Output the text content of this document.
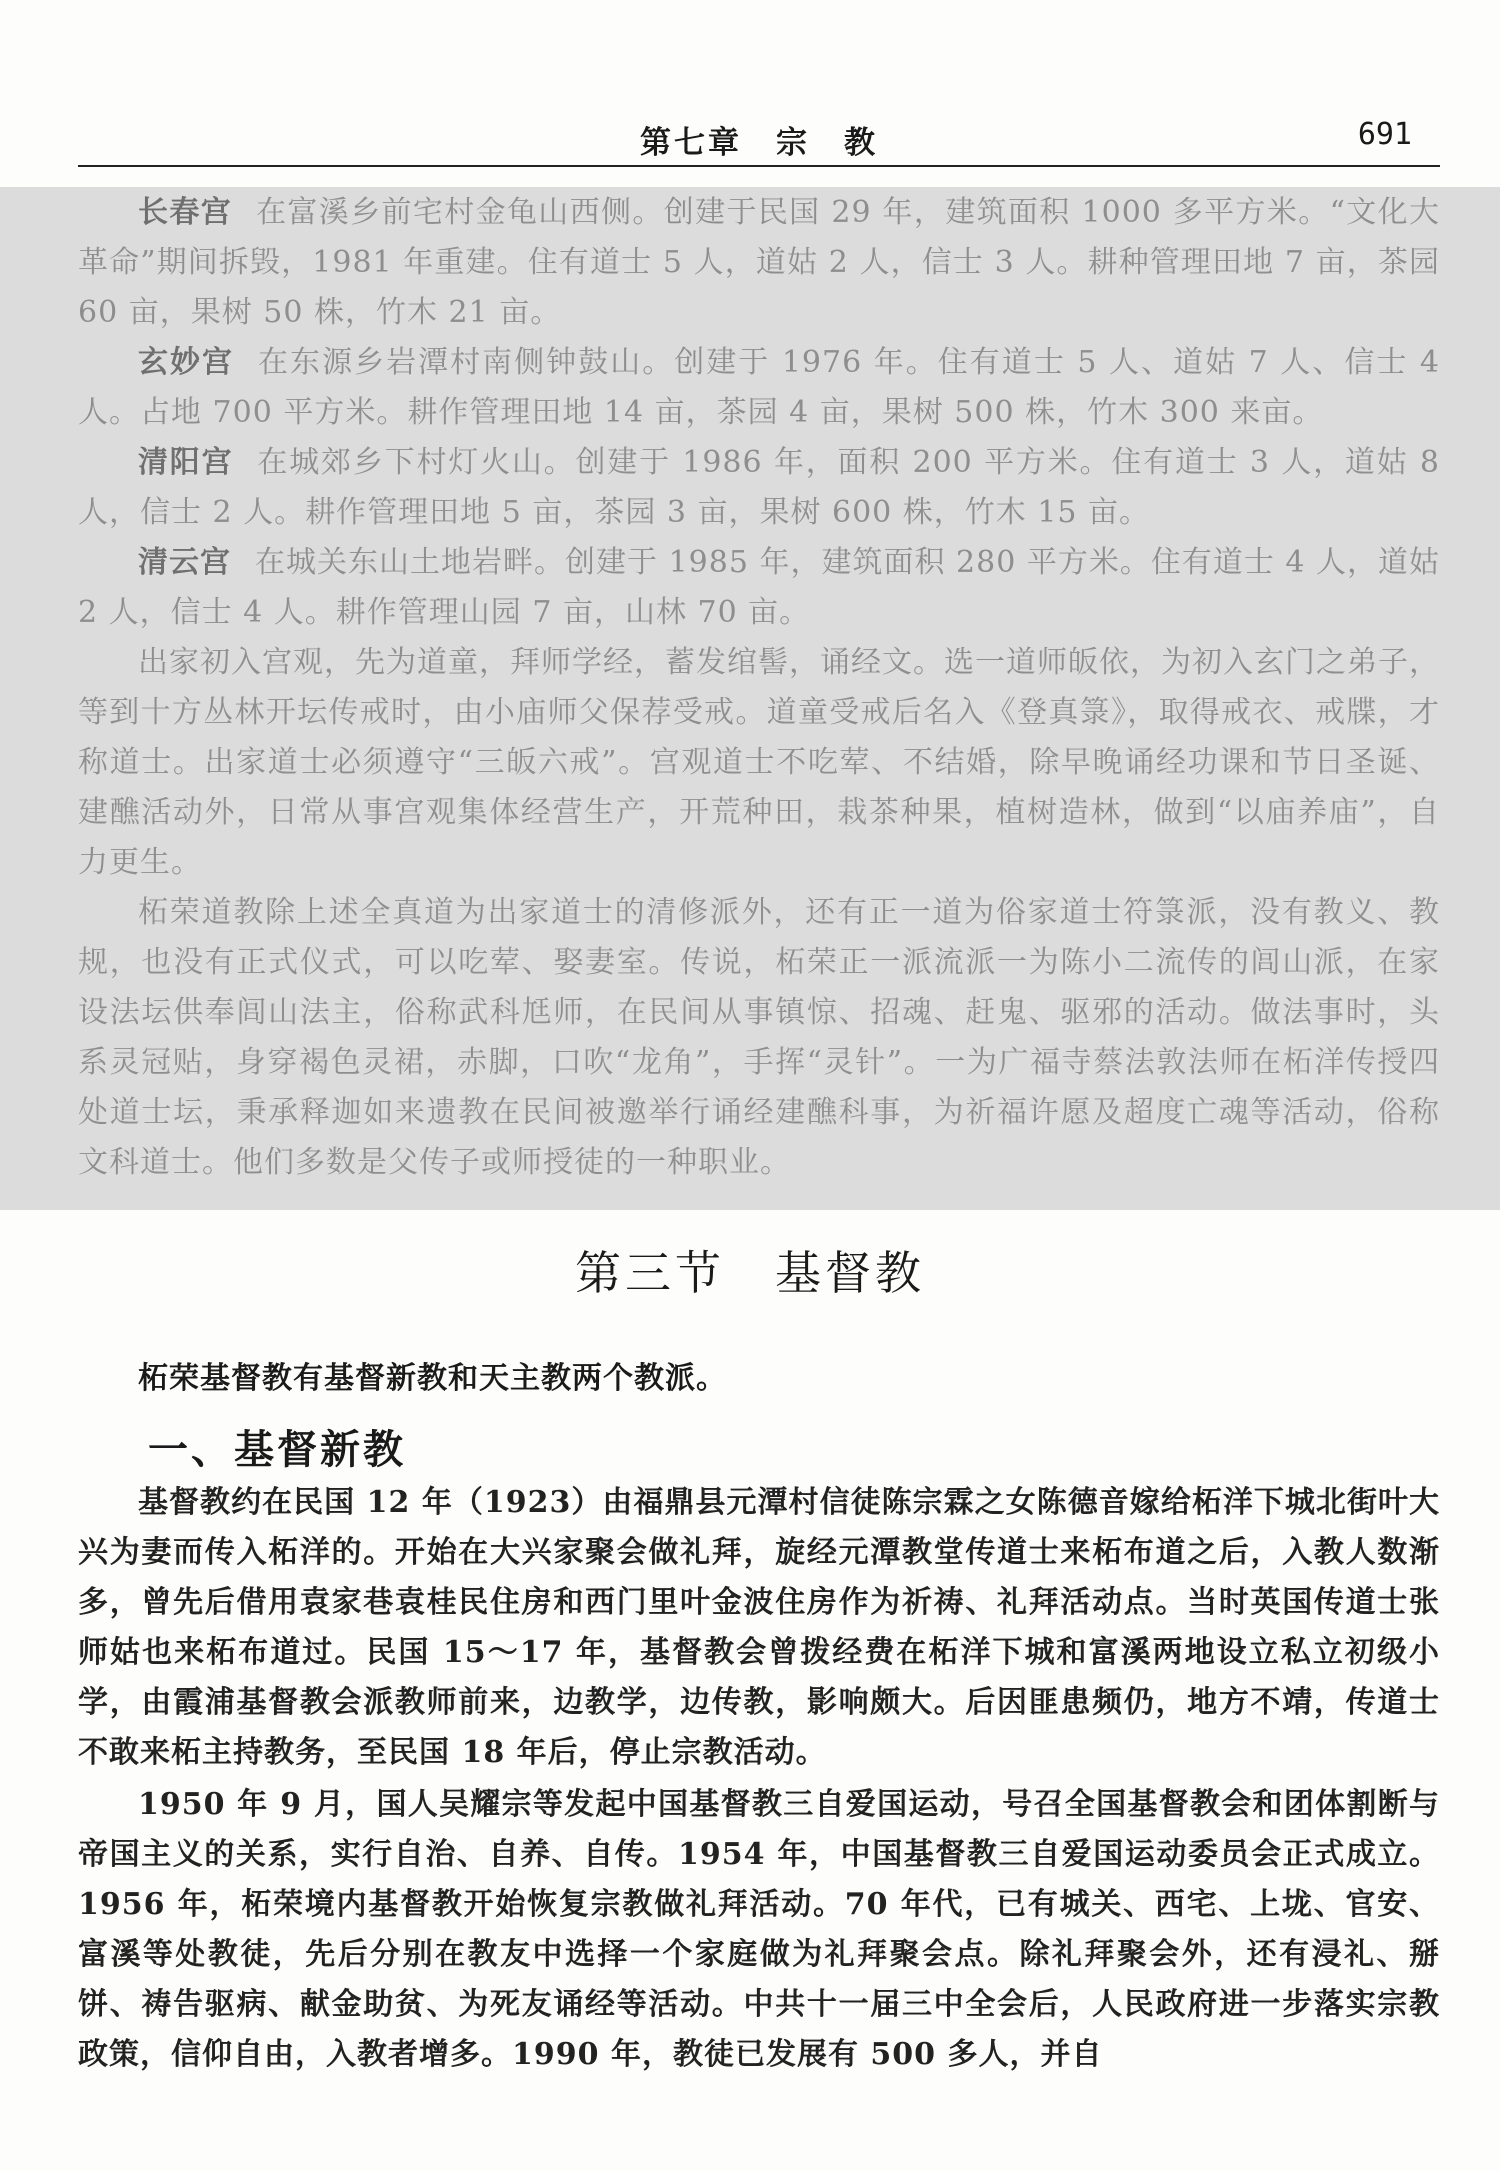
第七章　宗　教	691

长春宫 在富溪乡前宅村金龟山西侧。创建于民国 29 年，建筑面积 1000 多平方米。“文化大革命”期间拆毁，1981 年重建。住有道士 5 人，道姑 2 人，信士 3 人。耕种管理田地 7 亩，茶园 60 亩，果树 50 株，竹木 21 亩。

玄妙宫 在东源乡岩潭村南侧钟鼓山。创建于 1976 年。住有道士 5 人、道姑 7 人、信士 4 人。占地 700 平方米。耕作管理田地 14 亩，茶园 4 亩，果树 500 株，竹木 300 来亩。

清阳宫 在城郊乡下村灯火山。创建于 1986 年，面积 200 平方米。住有道士 3 人，道姑 8 人，信士 2 人。耕作管理田地 5 亩，茶园 3 亩，果树 600 株，竹木 15 亩。

清云宫 在城关东山土地岩畔。创建于 1985 年，建筑面积 280 平方米。住有道士 4 人，道姑 2 人，信士 4 人。耕作管理山园 7 亩，山林 70 亩。

出家初入宫观，先为道童，拜师学经，蓄发绾髻，诵经文。选一道师皈依，为初入玄门之弟子，等到十方丛林开坛传戒时，由小庙师父保荐受戒。道童受戒后名入《登真箓》，取得戒衣、戒牒，才称道士。出家道士必须遵守“三皈六戒”。宫观道士不吃荤、不结婚，除早晚诵经功课和节日圣诞、建醮活动外，日常从事宫观集体经营生产，开荒种田，栽茶种果，植树造林，做到“以庙养庙”，自力更生。

柘荣道教除上述全真道为出家道士的清修派外，还有正一道为俗家道士符箓派，没有教义、教规，也没有正式仪式，可以吃荤、娶妻室。传说，柘荣正一派流派一为陈小二流传的闾山派，在家设法坛供奉闾山法主，俗称武科尪师，在民间从事镇惊、招魂、赶鬼、驱邪的活动。做法事时，头系灵冠贴，身穿褐色灵裙，赤脚，口吹“龙角”，手挥“灵针”。一为广福寺蔡法敦法师在柘洋传授四处道士坛，秉承释迦如来遗教在民间被邀举行诵经建醮科事，为祈福许愿及超度亡魂等活动，俗称文科道士。他们多数是父传子或师授徒的一种职业。

第三节　基督教
柘荣基督教有基督新教和天主教两个教派。
一、基督新教

基督教约在民国 12 年（1923）由福鼎县元潭村信徒陈宗霖之女陈德音嫁给柘洋下城北街叶大兴为妻而传入柘洋的。开始在大兴家聚会做礼拜，旋经元潭教堂传道士来柘布道之后，入教人数渐多，曾先后借用袁家巷袁桂民住房和西门里叶金波住房作为祈祷、礼拜活动点。当时英国传道士张师姑也来柘布道过。民国 15～17 年，基督教会曾拨经费在柘洋下城和富溪两地设立私立初级小学，由霞浦基督教会派教师前来，边教学，边传教，影响颇大。后因匪患频仍，地方不靖，传道士不敢来柘主持教务，至民国 18 年后，停止宗教活动。

1950 年 9 月，国人吴耀宗等发起中国基督教三自爱国运动，号召全国基督教会和团体割断与帝国主义的关系，实行自治、自养、自传。1954 年，中国基督教三自爱国运动委员会正式成立。1956 年，柘荣境内基督教开始恢复宗教做礼拜活动。70 年代，已有城关、西宅、上垅、官安、富溪等处教徒，先后分别在教友中选择一个家庭做为礼拜聚会点。除礼拜聚会外，还有浸礼、掰饼、祷告驱病、献金助贫、为死友诵经等活动。中共十一届三中全会后，人民政府进一步落实宗教政策，信仰自由，入教者增多。1990 年，教徒已发展有 500 多人，并自
